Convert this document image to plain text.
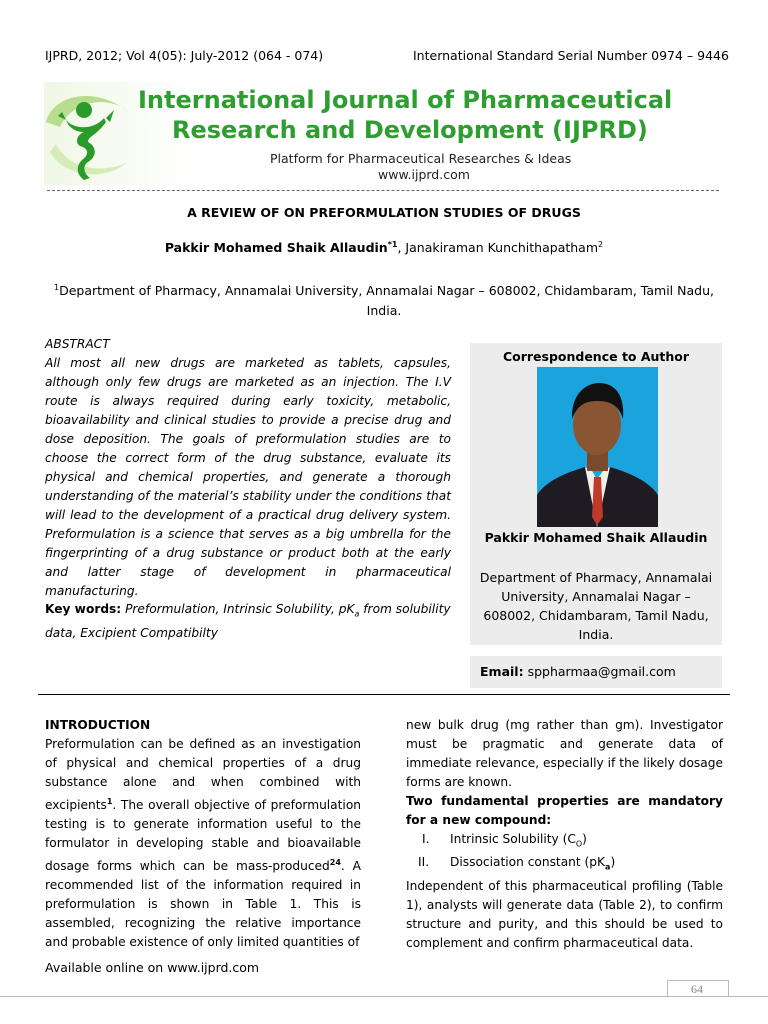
IJPRD, 2012; Vol 4(05): July-2012 (064 - 074)	International Standard Serial Number 0974 – 9446
International Journal of Pharmaceutical
Research and Development (IJPRD)
Platform for Pharmaceutical Researches & Ideas
www.ijprd.com
A REVIEW OF ON PREFORMULATION STUDIES OF DRUGS
Pakkir Mohamed Shaik Allaudin$^{*1}$, Janakiraman Kunchithapatham$^2$
$^1$Department of Pharmacy, Annamalai University, Annamalai Nagar – 608002, Chidambaram, Tamil Nadu, India.
ABSTRACT
All most all new drugs are marketed as tablets, capsules, although only few drugs are marketed as an injection. The I.V route is always required during early toxicity, metabolic, bioavailability and clinical studies to provide a precise drug and dose deposition. The goals of preformulation studies are to choose the correct form of the drug substance, evaluate its physical and chemical properties, and generate a thorough understanding of the material’s stability under the conditions that will lead to the development of a practical drug delivery system. Preformulation is a science that serves as a big umbrella for the fingerprinting of a drug substance or product both at the early and latter stage of development in pharmaceutical manufacturing.
Key words: Preformulation, Intrinsic Solubility, $pK_a$ from solubility data, Excipient Compatibilty
Correspondence to Author
Pakkir Mohamed Shaik Allaudin
Department of Pharmacy, Annamalai University, Annamalai Nagar – 608002, Chidambaram, Tamil Nadu, India.
Email: sppharmaa@gmail.com
INTRODUCTION
Preformulation can be defined as an investigation of physical and chemical properties of a drug substance alone and when combined with excipients$^1$. The overall objective of preformulation testing is to generate information useful to the formulator in developing stable and bioavailable dosage forms which can be mass-produced$^{24}$. A recommended list of the information required in preformulation is shown in Table 1. This is assembled, recognizing the relative importance and probable existence of only limited quantities of
new bulk drug (mg rather than gm). Investigator must be pragmatic and generate data of immediate relevance, especially if the likely dosage forms are known.
Two fundamental properties are mandatory for a new compound:
I. Intrinsic Solubility $(C_O)$
II. Dissociation constant $(pK_a)$
Independent of this pharmaceutical profiling (Table 1), analysts will generate data (Table 2), to confirm structure and purity, and this should be used to complement and confirm pharmaceutical data.
Available online on www.ijprd.com
64
